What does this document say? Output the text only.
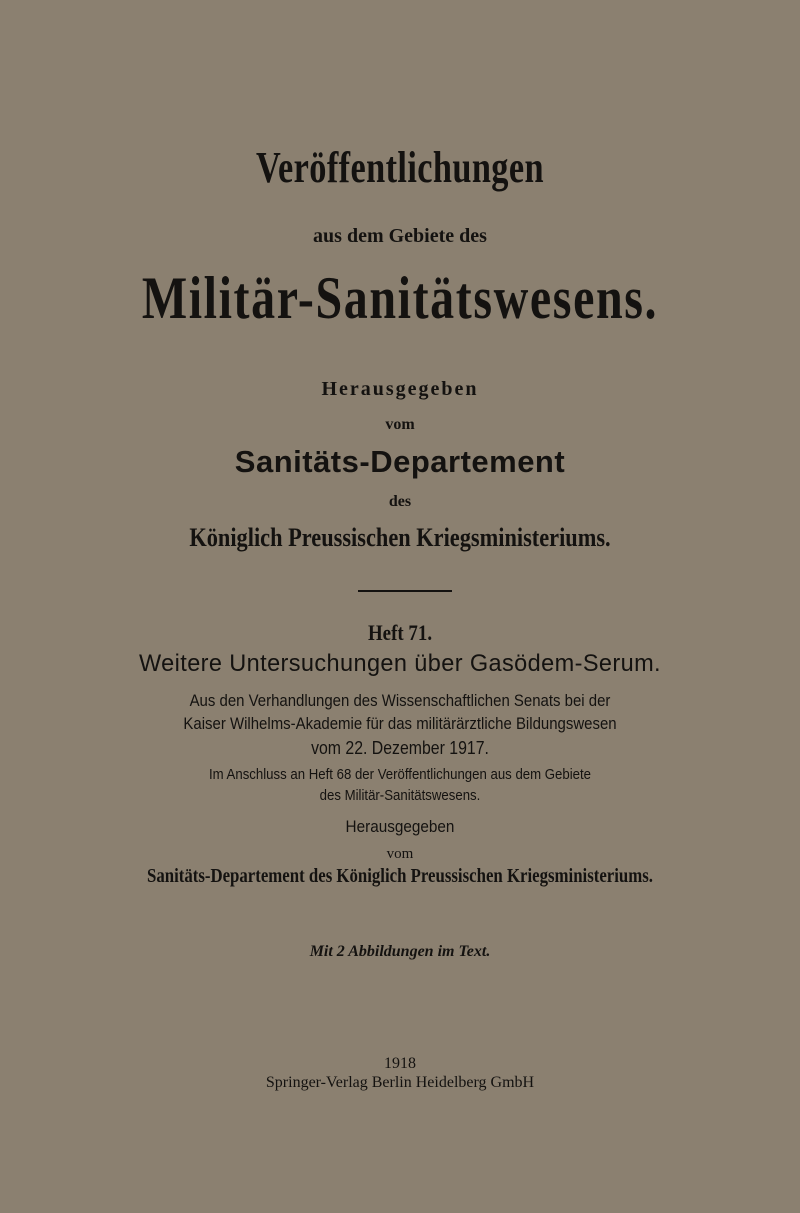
Veröffentlichungen
aus dem Gebiete des
Militär-Sanitätswesens.
Herausgegeben
vom
Sanitäts-Departement
des
Königlich Preussischen Kriegsministeriums.
Heft 71.
Weitere Untersuchungen über Gasödem-Serum.
Aus den Verhandlungen des Wissenschaftlichen Senats bei der
Kaiser Wilhelms-Akademie für das militärärztliche Bildungswesen
vom 22. Dezember 1917.
Im Anschluss an Heft 68 der Veröffentlichungen aus dem Gebiete
des Militär-Sanitätswesens.
Herausgegeben
vom
Sanitäts-Departement des Königlich Preussischen Kriegsministeriums.
Mit 2 Abbildungen im Text.
1918
Springer-Verlag Berlin Heidelberg GmbH
